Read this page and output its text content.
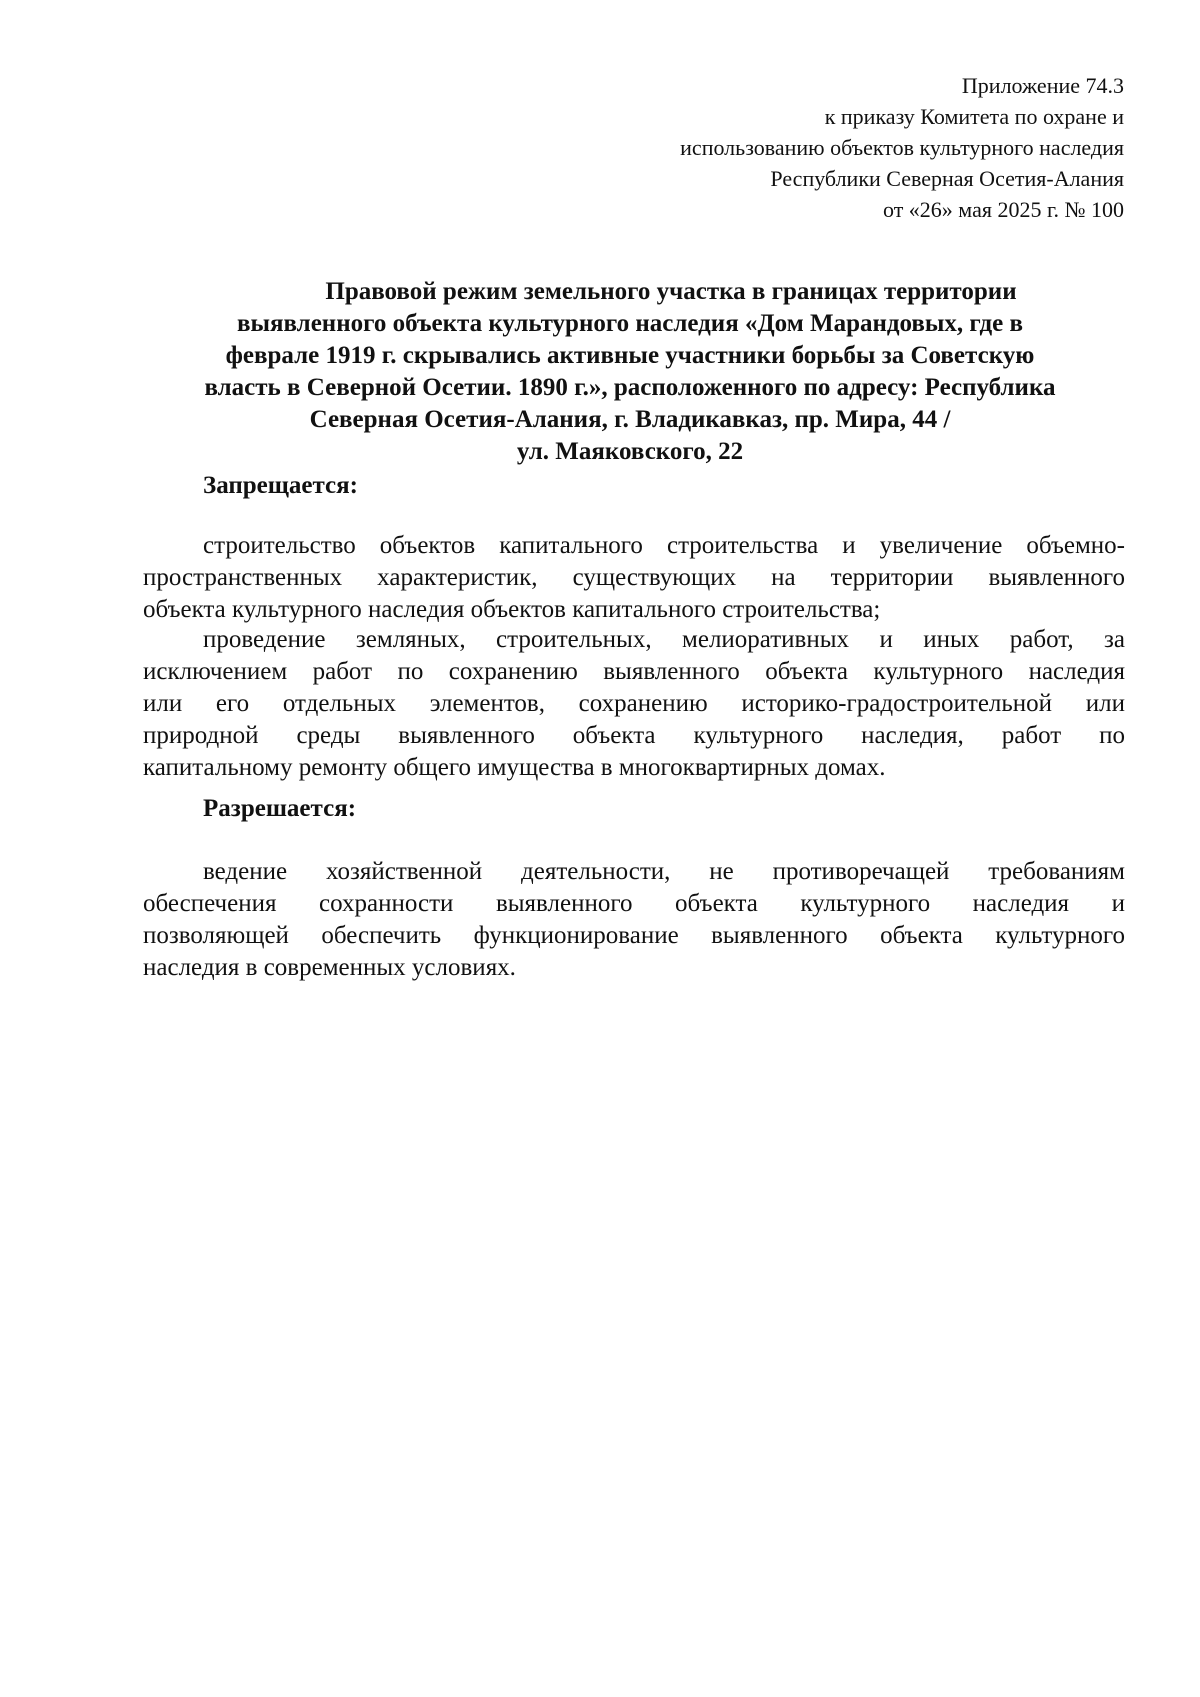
Приложение 74.3
к приказу Комитета по охране и
использованию объектов культурного наследия
Республики Северная Осетия-Алания
от «26» мая 2025 г. № 100
Правовой режим земельного участка в границах территории
выявленного объекта культурного наследия «Дом Марандовых, где в
феврале 1919 г. скрывались активные участники борьбы за Советскую
власть в Северной Осетии. 1890 г.», расположенного по адресу: Республика
Северная Осетия-Алания, г. Владикавказ, пр. Мира, 44 /
ул. Маяковского, 22
Запрещается:
строительство объектов капитального строительства и увеличение объемно-
пространственных характеристик, существующих на территории выявленного
объекта культурного наследия объектов капитального строительства;
проведение земляных, строительных, мелиоративных и иных работ, за
исключением работ по сохранению выявленного объекта культурного наследия
или его отдельных элементов, сохранению историко-градостроительной или
природной среды выявленного объекта культурного наследия, работ по
капитальному ремонту общего имущества в многоквартирных домах.
Разрешается:
ведение хозяйственной деятельности, не противоречащей требованиям
обеспечения сохранности выявленного объекта культурного наследия и
позволяющей обеспечить функционирование выявленного объекта культурного
наследия в современных условиях.
